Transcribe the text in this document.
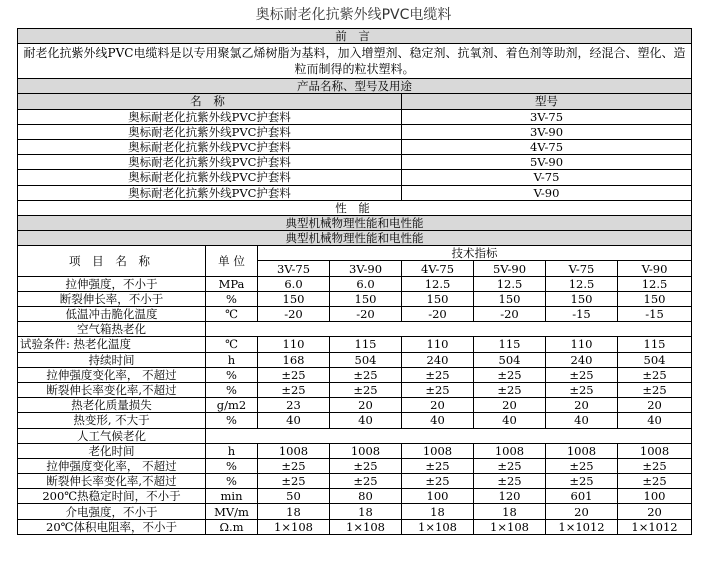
奥标耐老化抗紫外线PVC电缆料
前 言							
耐老化抗紫外线PVC电缆料是以专用聚氯乙烯树脂为基料，加入增塑剂、稳定剂、抗氧剂、着色剂等助剂，经混合、塑化、造粒而制得的粒状塑料。							
产品名称、型号及用途							
名 称				型号			
奥标耐老化抗紫外线PVC护套料				3V-75			
奥标耐老化抗紫外线PVC护套料				3V-90			
奥标耐老化抗紫外线PVC护套料				4V-75			
奥标耐老化抗紫外线PVC护套料				5V-90			
奥标耐老化抗紫外线PVC护套料				V-75			
奥标耐老化抗紫外线PVC护套料				V-90			
性 能							
典型机械物理性能和电性能							
典型机械物理性能和电性能							
项 目 名 称	单 位	技术指标					
		3V-75	3V-90	4V-75	5V-90	V-75	V-90
拉伸强度，不小于	MPa	6.0	6.0	12.5	12.5	12.5	12.5
断裂伸长率，不小于	%	150	150	150	150	150	150
低温冲击脆化温度	℃	-20	-20	-20	-20	-15	-15
空气箱热老化							
试验条件: 热老化温度	℃	110	115	110	115	110	115
持续时间	h	168	504	240	504	240	504
拉伸强度变化率， 不超过	%	±25	±25	±25	±25	±25	±25
断裂伸长率变化率,不超过	%	±25	±25	±25	±25	±25	±25
热老化质量损失	g/m2	23	20	20	20	20	20
热变形, 不大于	%	40	40	40	40	40	40
人工气候老化							
老化时间	h	1008	1008	1008	1008	1008	1008
拉伸强度变化率， 不超过	%	±25	±25	±25	±25	±25	±25
断裂伸长率变化率,不超过	%	±25	±25	±25	±25	±25	±25
200℃热稳定时间，不小于	min	50	80	100	120	601	100
介电强度，不小于	MV/m	18	18	18	18	20	20
20℃体积电阻率，不小于	Ω.m	1×108	1×108	1×108	1×108	1×1012	1×1012
